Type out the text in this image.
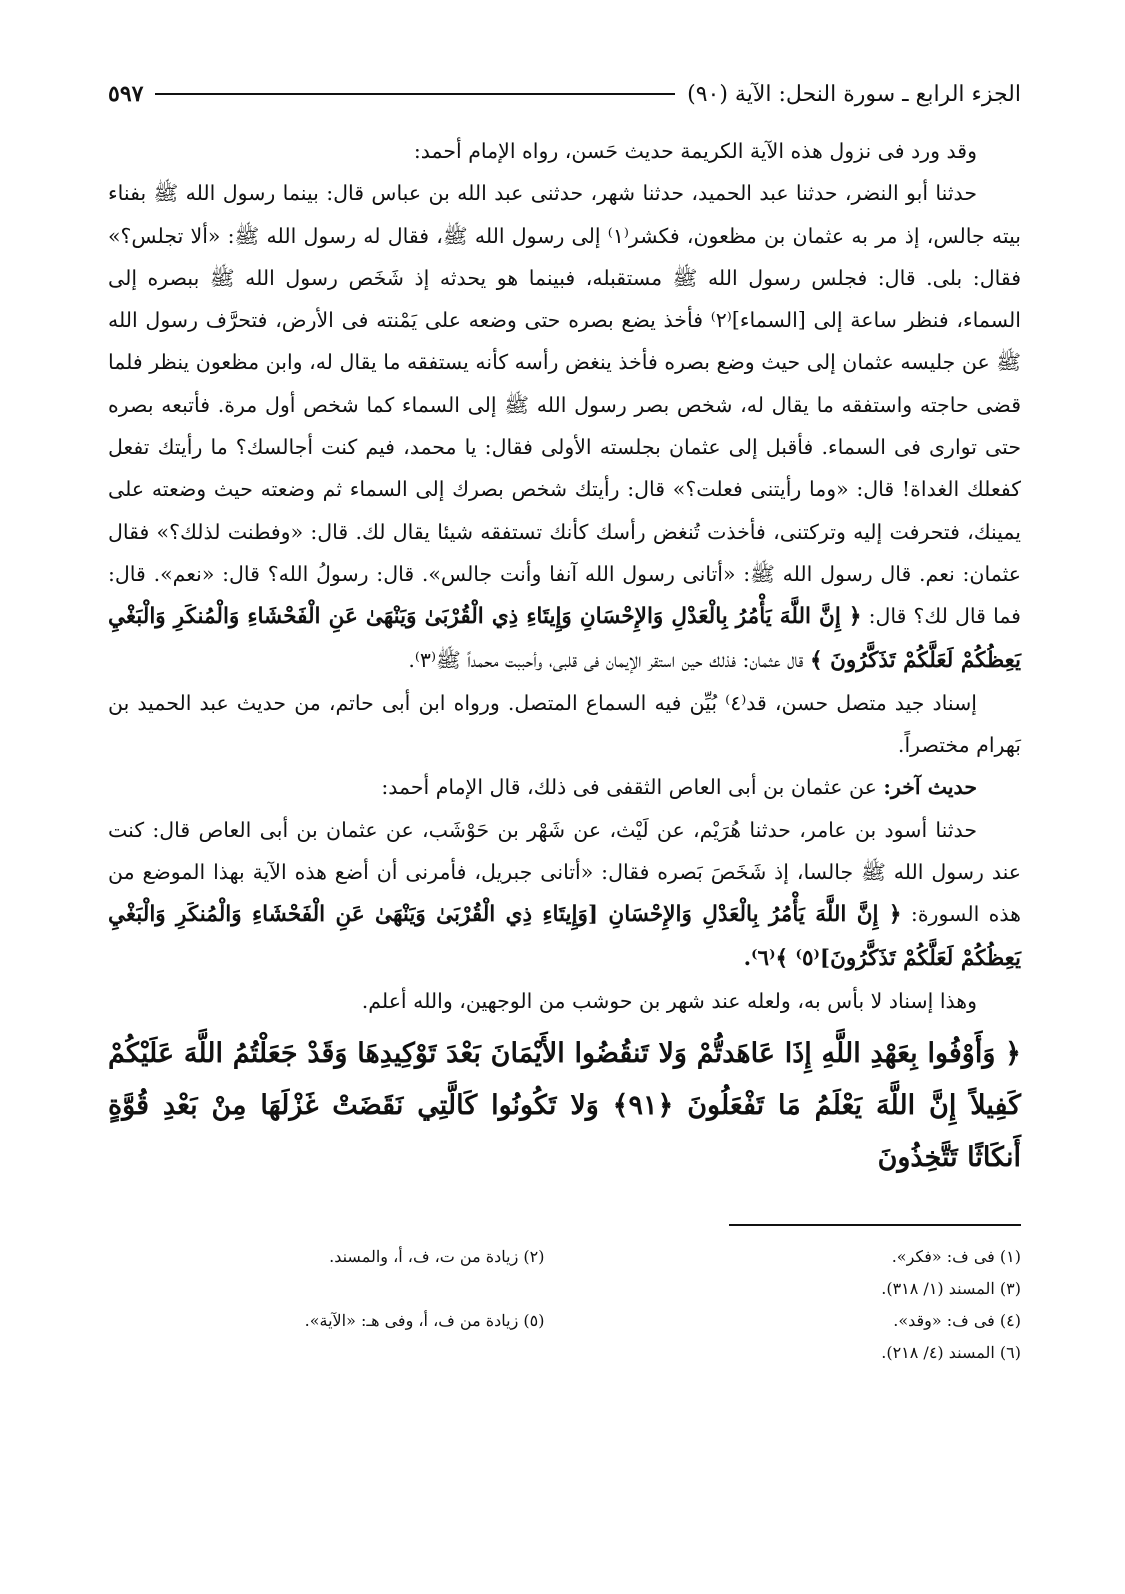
الجزء الرابع ـ سورة النحل: الآية (٩٠)
٥٩٧

وقد ورد فى نزول هذه الآية الكريمة حديث حَسن، رواه الإمام أحمد:

حدثنا أبو النضر، حدثنا عبد الحميد، حدثنا شهر، حدثنى عبد الله بن عباس قال: بينما رسول الله ﷺ بفناء بيته جالس، إذ مر به عثمان بن مظعون، فكشر⁽١⁾ إلى رسول الله ﷺ، فقال له رسول الله ﷺ: «ألا تجلس؟» فقال: بلى. قال: فجلس رسول الله ﷺ مستقبله، فبينما هو يحدثه إذ شَخَص رسول الله ﷺ ببصره إلى السماء، فنظر ساعة إلى [السماء]⁽٢⁾ فأخذ يضع بصره حتى وضعه على يَمْنته فى الأرض، فتحرَّف رسول الله ﷺ عن جليسه عثمان إلى حيث وضع بصره فأخذ ينغض رأسه كأنه يستفقه ما يقال له، وابن مظعون ينظر فلما قضى حاجته واستفقه ما يقال له، شخص بصر رسول الله ﷺ إلى السماء كما شخص أول مرة. فأتبعه بصره حتى توارى فى السماء. فأقبل إلى عثمان بجلسته الأولى فقال: يا محمد، فيم كنت أجالسك؟ ما رأيتك تفعل كفعلك الغداة! قال: «وما رأيتنى فعلت؟» قال: رأيتك شخص بصرك إلى السماء ثم وضعته حيث وضعته على يمينك، فتحرفت إليه وتركتنى، فأخذت تُنغض رأسك كأنك تستفقه شيئا يقال لك. قال: «وفطنت لذلك؟» فقال عثمان: نعم. قال رسول الله ﷺ: «أتانى رسول الله آنفا وأنت جالس». قال: رسولُ الله؟ قال: «نعم». قال: فما قال لك؟ قال: ﴿ إِنَّ اللَّهَ يَأْمُرُ بِالْعَدْلِ وَالإِحْسَانِ وَإِيتَاءِ ذِي الْقُرْبَىٰ وَيَنْهَىٰ عَنِ الْفَحْشَاءِ وَالْمُنكَرِ وَالْبَغْيِ يَعِظُكُمْ لَعَلَّكُمْ تَذَكَّرُونَ ﴾ قال عثمان: فذلك حين استقر الإيمان فى قلبى، وأحببت محمداً ﷺ⁽٣⁾.

إسناد جيد متصل حسن، قد⁽٤⁾ بُيِّن فيه السماع المتصل. ورواه ابن أبى حاتم، من حديث عبد الحميد بن بَهرام مختصراً.

حديث آخر: عن عثمان بن أبى العاص الثقفى فى ذلك، قال الإمام أحمد:

حدثنا أسود بن عامر، حدثنا هُرَيْم، عن لَيْث، عن شَهْر بن حَوْشَب، عن عثمان بن أبى العاص قال: كنت عند رسول الله ﷺ جالسا، إذ شَخَصَ بَصره فقال: «أتانى جبريل، فأمرنى أن أضع هذه الآية بهذا الموضع من هذه السورة: ﴿ إِنَّ اللَّهَ يَأْمُرُ بِالْعَدْلِ وَالإِحْسَانِ [وَإِيتَاءِ ذِي الْقُرْبَىٰ وَيَنْهَىٰ عَنِ الْفَحْشَاءِ وَالْمُنكَرِ وَالْبَغْيِ يَعِظُكُمْ لَعَلَّكُمْ تَذَكَّرُونَ]⁽٥⁾ ﴾⁽٦⁾.

وهذا إسناد لا بأس به، ولعله عند شهر بن حوشب من الوجهين، والله أعلم.

﴿ وَأَوْفُوا بِعَهْدِ اللَّهِ إِذَا عَاهَدتُّمْ وَلا تَنقُضُوا الأَيْمَانَ بَعْدَ تَوْكِيدِهَا وَقَدْ جَعَلْتُمُ اللَّهَ عَلَيْكُمْ كَفِيلاً إِنَّ اللَّهَ يَعْلَمُ مَا تَفْعَلُونَ ﴿٩١﴾ وَلا تَكُونُوا كَالَّتِي نَقَضَتْ غَزْلَهَا مِنْ بَعْدِ قُوَّةٍ أَنكَاثًا تَتَّخِذُونَ
(١) فى ف: «فكر».
(٢) زيادة من ت، ف، أ، والمسند.
(٣) المسند (١/ ٣١٨).
(٤) فى ف: «وقد».
(٥) زيادة من ف، أ، وفى هـ: «الآية».
(٦) المسند (٤/ ٢١٨).
